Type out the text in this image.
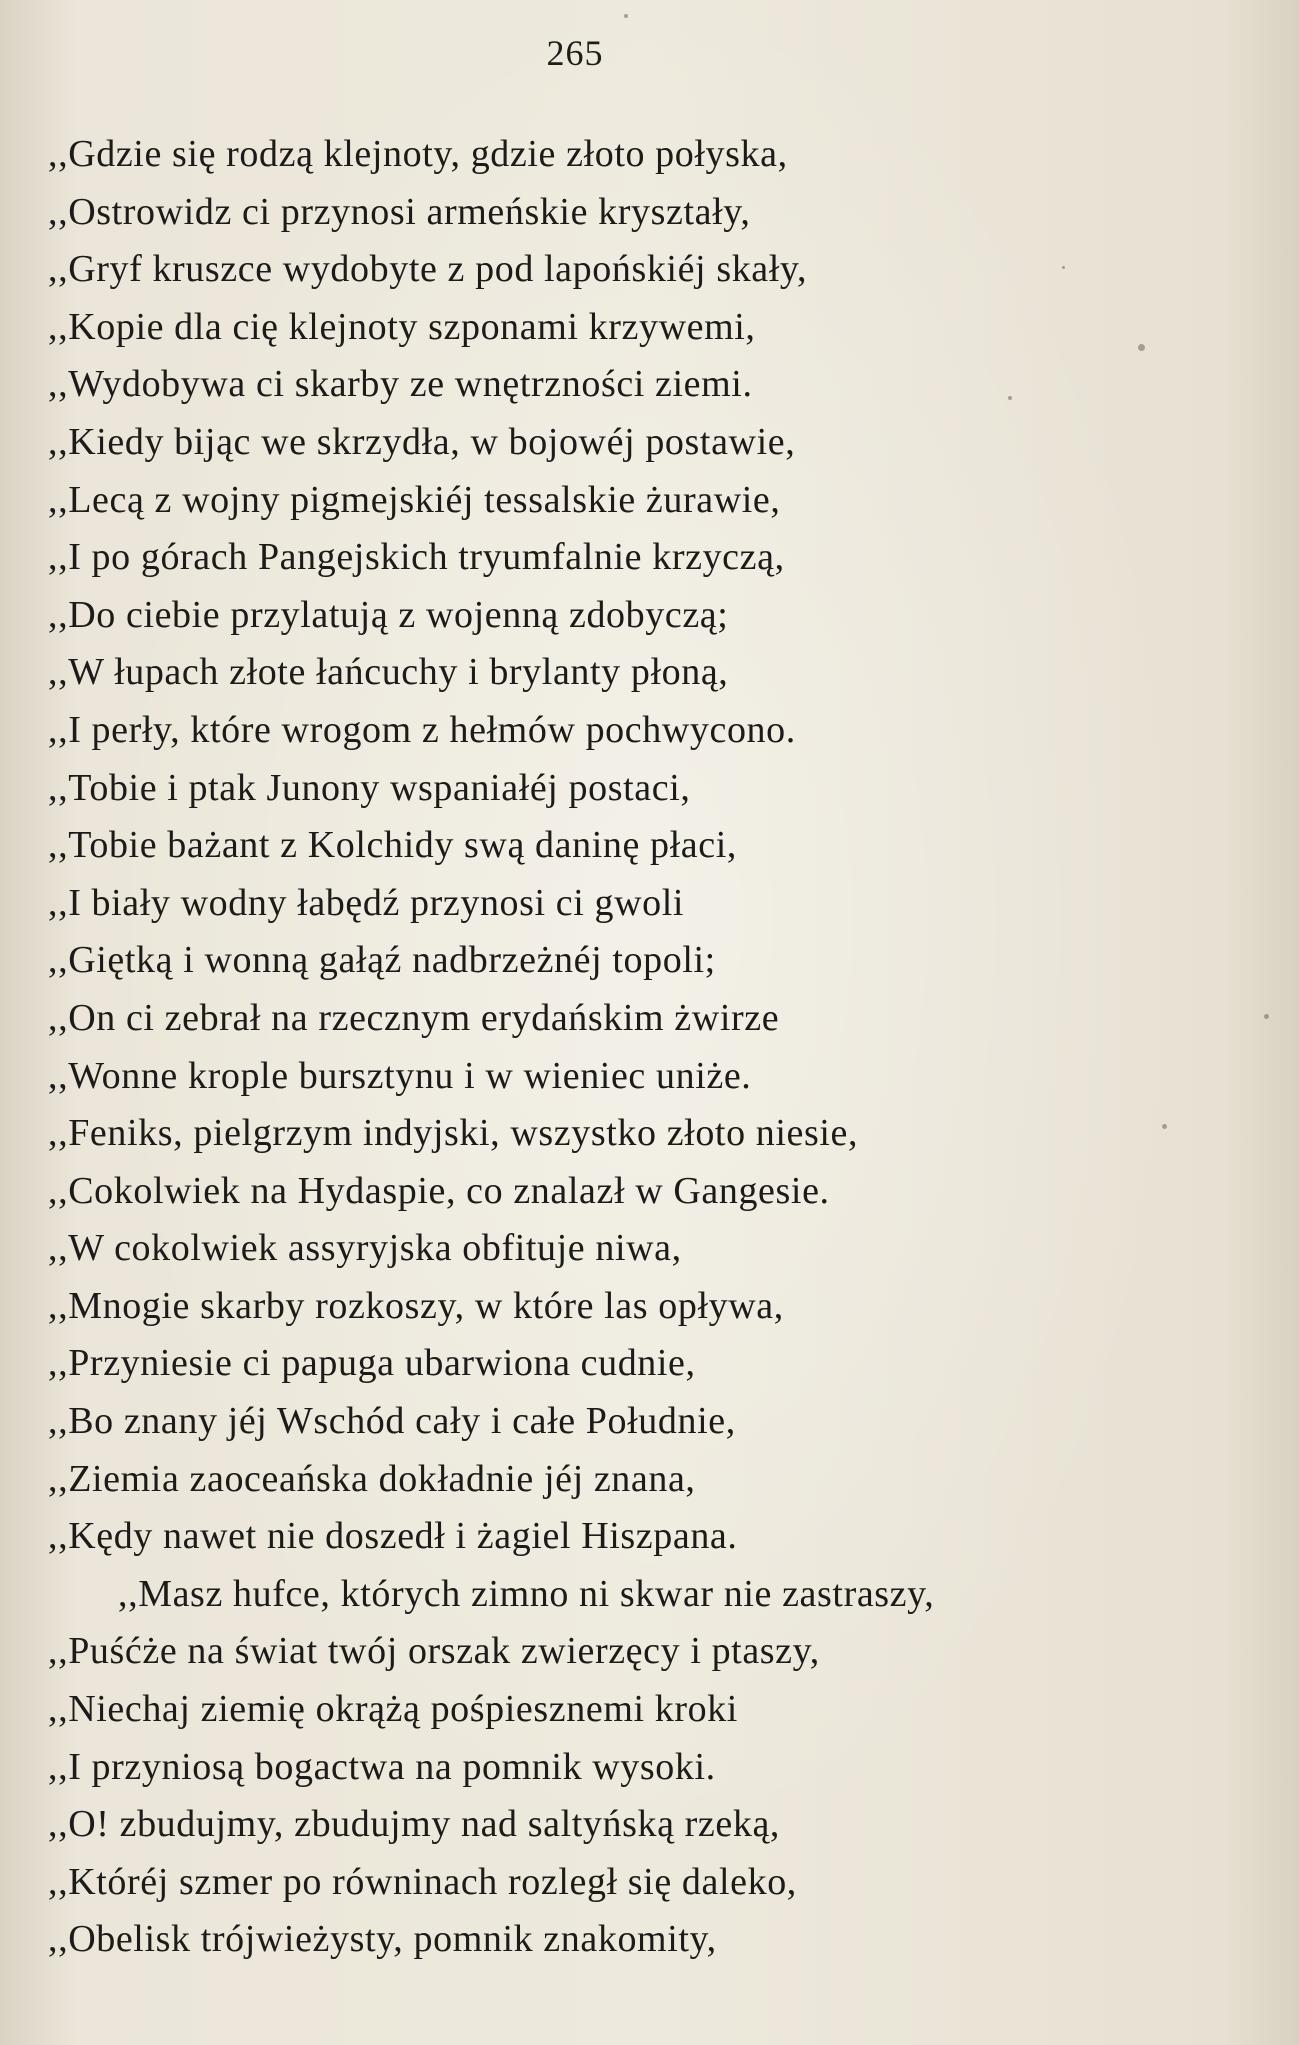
265
,,Gdzie się rodzą klejnoty, gdzie złoto połyska,
,,Ostrowidz ci przynosi armeńskie kryształy,
,,Gryf kruszce wydobyte z pod lapońskiéj skały,
,,Kopie dla cię klejnoty szponami krzywemi,
,,Wydobywa ci skarby ze wnętrzności ziemi.
,,Kiedy bijąc we skrzydła, w bojowéj postawie,
,,Lecą z wojny pigmejskiéj tessalskie żurawie,
,,I po górach Pangejskich tryumfalnie krzyczą,
,,Do ciebie przylatują z wojenną zdobyczą;
,,W łupach złote łańcuchy i brylanty płoną,
,,I perły, które wrogom z hełmów pochwycono.
,,Tobie i ptak Junony wspaniałéj postaci,
,,Tobie bażant z Kolchidy swą daninę płaci,
,,I biały wodny łabędź przynosi ci gwoli
,,Giętką i wonną gałąź nadbrzeżnéj topoli;
,,On ci zebrał na rzecznym erydańskim żwirze
,,Wonne krople bursztynu i w wieniec uniże.
,,Feniks, pielgrzym indyjski, wszystko złoto niesie,
,,Cokolwiek na Hydaspie, co znalazł w Gangesie.
,,W cokolwiek assyryjska obfituje niwa,
,,Mnogie skarby rozkoszy, w które las opływa,
,,Przyniesie ci papuga ubarwiona cudnie,
,,Bo znany jéj Wschód cały i całe Południe,
,,Ziemia zaoceańska dokładnie jéj znana,
,,Kędy nawet nie doszedł i żagiel Hiszpana.
,,Masz hufce, których zimno ni skwar nie zastraszy,
,,Puśćże na świat twój orszak zwierzęcy i ptaszy,
,,Niechaj ziemię okrążą pośpiesznemi kroki
,,I przyniosą bogactwa na pomnik wysoki.
,,O! zbudujmy, zbudujmy nad saltyńską rzeką,
,,Któréj szmer po równinach rozległ się daleko,
,,Obelisk trójwieżysty, pomnik znakomity,
